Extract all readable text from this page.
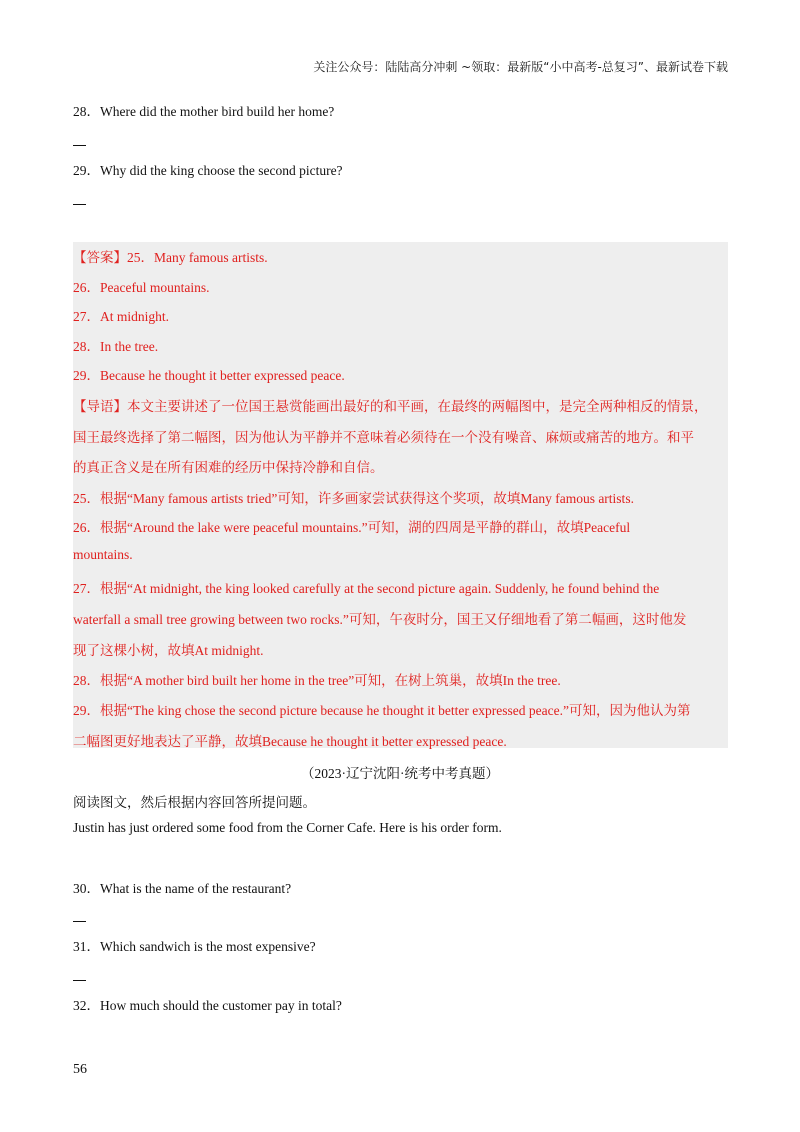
关注公众号：陆陆高分冲刺 ~领取：最新版“小中高考-总复习”、最新试卷下载
28．Where did the mother bird build her home?
29．Why did the king choose the second picture?
【答案】25．Many famous artists.
26．Peaceful mountains.
27．At midnight.
28．In the tree.
29．Because he thought it better expressed peace.
【导语】本文主要讲述了一位国王悬赏能画出最好的和平画，在最终的两幅图中，是完全两种相反的情景，
国王最终选择了第二幅图，因为他认为平静并不意味着必须待在一个没有噪音、麻烦或痛苦的地方。和平
的真正含义是在所有困难的经历中保持冷静和自信。
25．根据“Many famous artists tried”可知，许多画家尝试获得这个奖项，故填Many famous artists.
26．根据“Around the lake were peaceful mountains.”可知，湖的四周是平静的群山，故填Peaceful
mountains.
27．根据“At midnight, the king looked carefully at the second picture again. Suddenly, he found behind the
waterfall a small tree growing between two rocks.”可知，午夜时分，国王又仔细地看了第二幅画，这时他发
现了这棵小树，故填At midnight.
28．根据“A mother bird built her home in the tree”可知，在树上筑巢，故填In the tree.
29．根据“The king chose the second picture because he thought it better expressed peace.”可知，因为他认为第
二幅图更好地表达了平静，故填Because he thought it better expressed peace.
（2023·辽宁沈阳·统考中考真题）
阅读图文，然后根据内容回答所提问题。
Justin has just ordered some food from the Corner Cafe. Here is his order form.
30．What is the name of the restaurant?
31．Which sandwich is the most expensive?
32．How much should the customer pay in total?
56
